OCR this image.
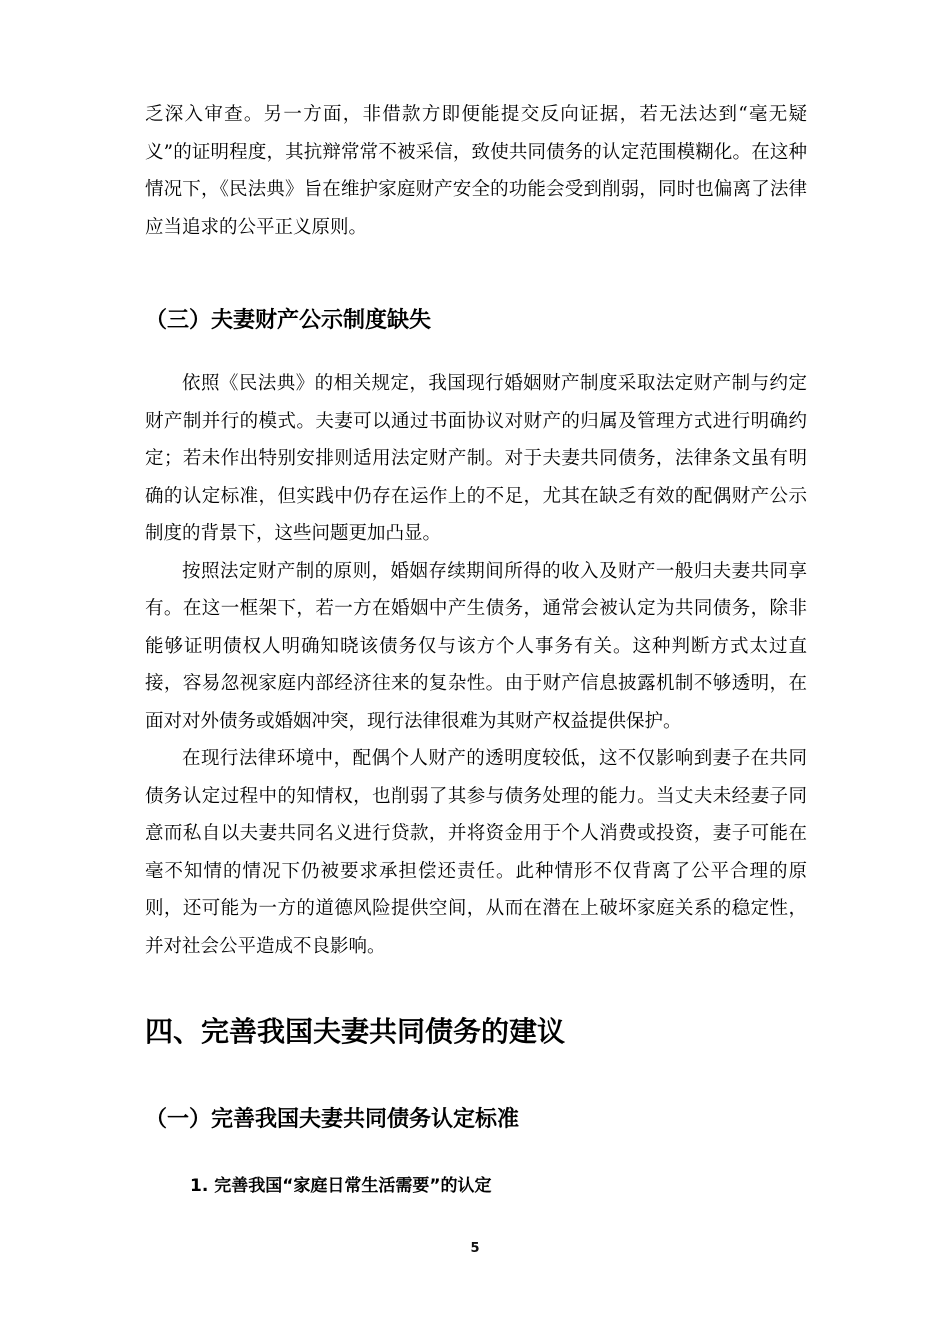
乏深入审查。另一方面，非借款方即便能提交反向证据，若无法达到“毫无疑义”的证明程度，其抗辩常常不被采信，致使共同债务的认定范围模糊化。在这种情况下，《民法典》旨在维护家庭财产安全的功能会受到削弱，同时也偏离了法律应当追求的公平正义原则。

（三）夫妻财产公示制度缺失

依照《民法典》的相关规定，我国现行婚姻财产制度采取法定财产制与约定财产制并行的模式。夫妻可以通过书面协议对财产的归属及管理方式进行明确约定；若未作出特别安排则适用法定财产制。对于夫妻共同债务，法律条文虽有明确的认定标准，但实践中仍存在运作上的不足，尤其在缺乏有效的配偶财产公示制度的背景下，这些问题更加凸显。

按照法定财产制的原则，婚姻存续期间所得的收入及财产一般归夫妻共同享有。在这一框架下，若一方在婚姻中产生债务，通常会被认定为共同债务，除非能够证明债权人明确知晓该债务仅与该方个人事务有关。这种判断方式太过直接，容易忽视家庭内部经济往来的复杂性。由于财产信息披露机制不够透明，在面对对外债务或婚姻冲突，现行法律很难为其财产权益提供保护。

在现行法律环境中，配偶个人财产的透明度较低，这不仅影响到妻子在共同债务认定过程中的知情权，也削弱了其参与债务处理的能力。当丈夫未经妻子同意而私自以夫妻共同名义进行贷款，并将资金用于个人消费或投资，妻子可能在毫不知情的情况下仍被要求承担偿还责任。此种情形不仅背离了公平合理的原则，还可能为一方的道德风险提供空间，从而在潜在上破坏家庭关系的稳定性，并对社会公平造成不良影响。

四、完善我国夫妻共同债务的建议
（一）完善我国夫妻共同债务认定标准
1. 完善我国“家庭日常生活需要”的认定
5
